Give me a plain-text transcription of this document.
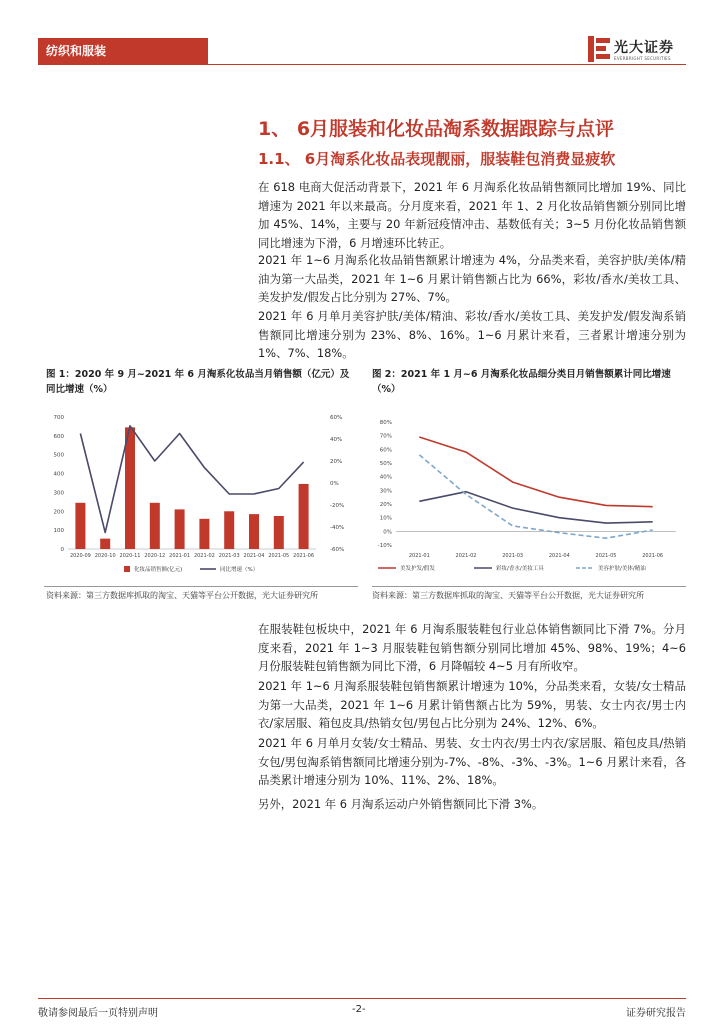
纺织和服装	光大证券
EVERBRIGHT SECURITIES
1、 6月服装和化妆品淘系数据跟踪与点评
1.1、 6月淘系化妆品表现靓丽，服装鞋包消费显疲软

在 618 电商大促活动背景下，2021 年 6 月淘系化妆品销售额同比增加 19%、同比增速为 2021 年以来最高。分月度来看，2021 年 1、2 月化妆品销售额分别同比增加 45%、14%，主要与 20 年新冠疫情冲击、基数低有关；3~5 月份化妆品销售额同比增速为下滑，6 月增速环比转正。

2021 年 1~6 月淘系化妆品销售额累计增速为 4%，分品类来看，美容护肤/美体/精油为第一大品类，2021 年 1~6 月累计销售额占比为 66%，彩妆/香水/美妆工具、美发护发/假发占比分别为 27%、7%。

2021 年 6 月单月美容护肤/美体/精油、彩妆/香水/美妆工具、美发护发/假发淘系销售额同比增速分别为 23%、8%、16%。1~6 月累计来看，三者累计增速分别为 1%、7%、18%。

图 1：2020 年 9 月~2021 年 6 月淘系化妆品当月销售额（亿元）及同比增速（%）
0
100
200
300
400
500
600
700
-60%
-40%
-20%
0%
20%
40%
60%
2020-09 2020-10 2020-11 2020-12 2021-01 2021-02 2021-03 2021-04 2021-05 2021-06
化妆品销售额(亿元)	同比增速（%）
资料来源：第三方数据库抓取的淘宝、天猫等平台公开数据，光大证券研究所
图 2：2021 年 1 月~6 月淘系化妆品细分类目月销售额累计同比增速（%）
-10%
0%
10%
20%
30%
40%
50%
60%
70%
80%
2021-01	2021-02	2021-03	2021-04	2021-05	2021-06
美发护发/假发	彩妆/香水/美妆工具	美容护肤/美体/精油
资料来源：第三方数据库抓取的淘宝、天猫等平台公开数据，光大证券研究所

在服装鞋包板块中，2021 年 6 月淘系服装鞋包行业总体销售额同比下滑 7%。分月度来看，2021 年 1~3 月服装鞋包销售额分别同比增加 45%、98%、19%；4~6 月份服装鞋包销售额为同比下滑，6 月降幅较 4~5 月有所收窄。

2021 年 1~6 月淘系服装鞋包销售额累计增速为 10%，分品类来看，女装/女士精品为第一大品类，2021 年 1~6 月累计销售额占比为 59%，男装、女士内衣/男士内衣/家居服、箱包皮具/热销女包/男包占比分别为 24%、12%、6%。

2021 年 6 月单月女装/女士精品、男装、女士内衣/男士内衣/家居服、箱包皮具/热销女包/男包淘系销售额同比增速分别为-7%、-8%、-3%、-3%。1~6 月累计来看，各品类累计增速分别为 10%、11%、2%、18%。

另外，2021 年 6 月淘系运动户外销售额同比下滑 3%。

敬请参阅最后一页特别声明	-2-	证券研究报告
